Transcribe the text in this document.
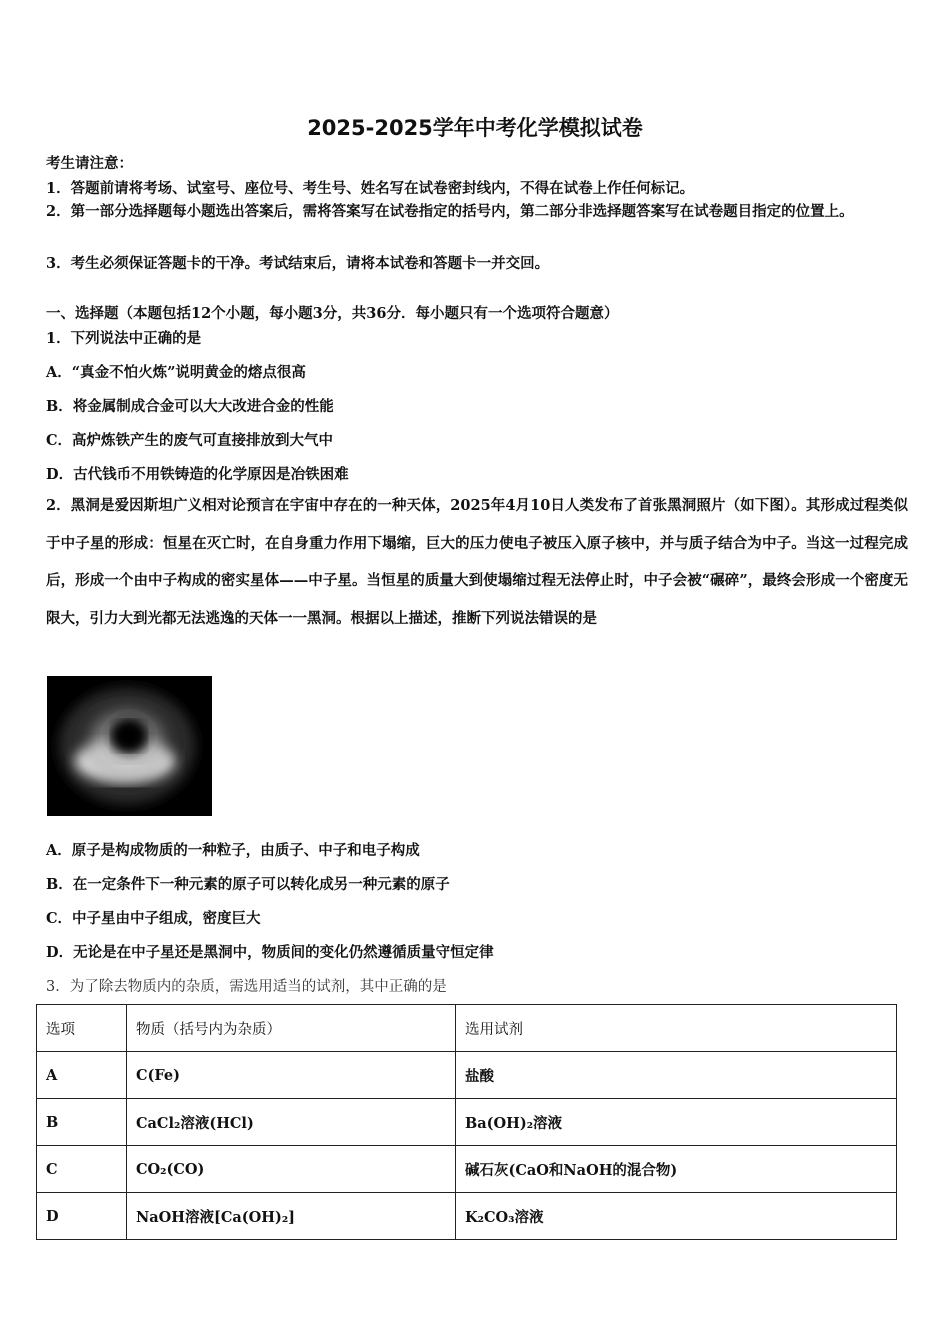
2025-2025学年中考化学模拟试卷
考生请注意：
1．答题前请将考场、试室号、座位号、考生号、姓名写在试卷密封线内，不得在试卷上作任何标记。
2．第一部分选择题每小题选出答案后，需将答案写在试卷指定的括号内，第二部分非选择题答案写在试卷题目指定的位置上。
3．考生必须保证答题卡的干净。考试结束后，请将本试卷和答题卡一并交回。
一、选择题（本题包括12个小题，每小题3分，共36分．每小题只有一个选项符合题意）
1．下列说法中正确的是
A．“真金不怕火炼”说明黄金的熔点很高
B．将金属制成合金可以大大改进合金的性能
C．高炉炼铁产生的废气可直接排放到大气中
D．古代钱币不用铁铸造的化学原因是冶铁困难
2．黑洞是爱因斯坦广义相对论预言在宇宙中存在的一种天体，2025年4月10日人类发布了首张黑洞照片（如下图）。其形成过程类似于中子星的形成：恒星在灭亡时，在自身重力作用下塌缩，巨大的压力使电子被压入原子核中，并与质子结合为中子。当这一过程完成后，形成一个由中子构成的密实星体——中子星。当恒星的质量大到使塌缩过程无法停止时，中子会被“碾碎”，最终会形成一个密度无限大，引力大到光都无法逃逸的天体一一黑洞。根据以上描述，推断下列说法错误的是
A．原子是构成物质的一种粒子，由质子、中子和电子构成
B．在一定条件下一种元素的原子可以转化成另一种元素的原子
C．中子星由中子组成，密度巨大
D．无论是在中子星还是黑洞中，物质间的变化仍然遵循质量守恒定律
3．为了除去物质内的杂质，需选用适当的试剂，其中正确的是
选项	物质（括号内为杂质）	选用试剂
A	C(Fe)	盐酸
B	CaCl₂溶液(HCl)	Ba(OH)₂溶液
C	CO₂(CO)	碱石灰(CaO和NaOH的混合物)
D	NaOH溶液[Ca(OH)₂]	K₂CO₃溶液
